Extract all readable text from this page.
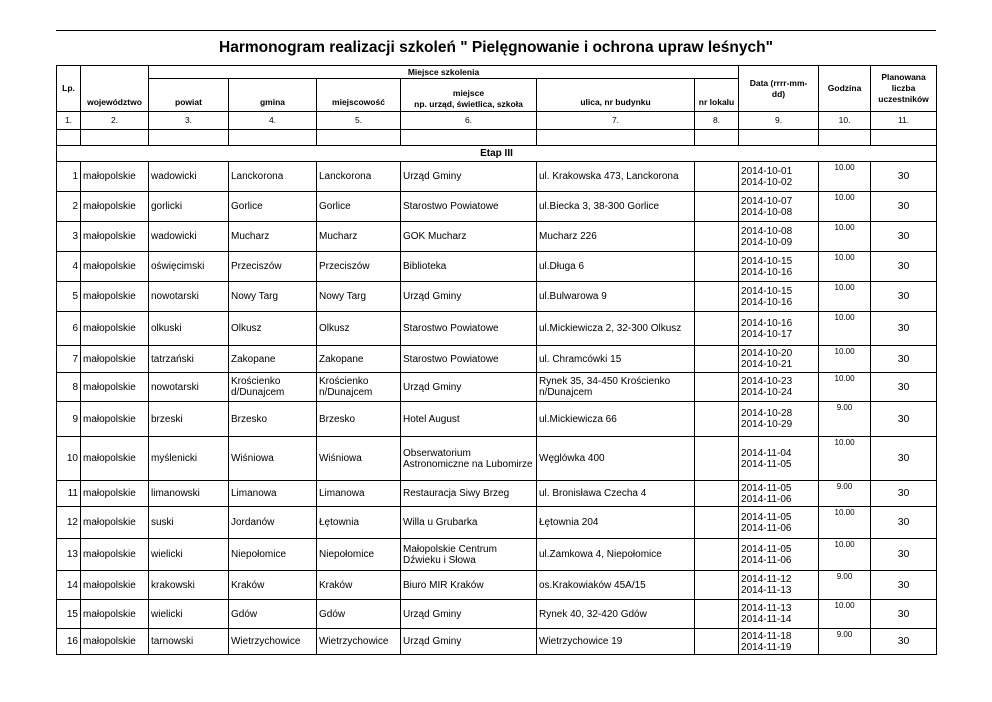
Harmonogram realizacji szkoleń " Pielęgnowanie i ochrona upraw leśnych"
Lp.	województwo	Miejsce szkolenia						Data (rrrr-mm-
dd)	Godzina	Planowana
liczba
uczestników
		powiat	gmina	miejscowość	miejsce
np. urząd, świetlica, szkoła	ulica, nr budynku	nr lokalu			
1.	2.	3.	4.	5.	6.	7.	8.	9.	10.	11.

Etap III										
1	małopolskie	wadowicki	Lanckorona	Lanckorona	Urząd Gminy	ul. Krakowska 473, Lanckorona		2014-10-01
2014-10-02	10.00	30
2	małopolskie	gorlicki	Gorlice	Gorlice	Starostwo Powiatowe	ul.Biecka 3, 38-300 Gorlice		2014-10-07
2014-10-08	10.00	30
3	małopolskie	wadowicki	Mucharz	Mucharz	GOK Mucharz	Mucharz 226		2014-10-08
2014-10-09	10.00	30
4	małopolskie	oświęcimski	Przeciszów	Przeciszów	Biblioteka	ul.Długa 6		2014-10-15
2014-10-16	10.00	30
5	małopolskie	nowotarski	Nowy Targ	Nowy Targ	Urząd Gminy	ul.Bulwarowa 9		2014-10-15
2014-10-16	10.00	30
6	małopolskie	olkuski	Olkusz	Olkusz	Starostwo Powiatowe	ul.Mickiewicza 2, 32-300 Olkusz		2014-10-16
2014-10-17	10.00	30
7	małopolskie	tatrzański	Zakopane	Zakopane	Starostwo Powiatowe	ul. Chramcówki 15		2014-10-20
2014-10-21	10.00	30
8	małopolskie	nowotarski	Krościenko d/Dunajcem	Krościenko n/Dunajcem	Urząd Gminy	Rynek 35, 34-450 Krościenko n/Dunajcem		2014-10-23
2014-10-24	10.00	30
9	małopolskie	brzeski	Brzesko	Brzesko	Hotel August	ul.Mickiewicza 66		2014-10-28
2014-10-29	9.00	30
10	małopolskie	myślenicki	Wiśniowa	Wiśniowa	Obserwatorium Astronomiczne na Lubomirze	Węglówka 400		2014-11-04
2014-11-05	10.00	30
11	małopolskie	limanowski	Limanowa	Limanowa	Restauracja Siwy Brzeg	ul. Bronisława Czecha 4		2014-11-05
2014-11-06	9.00	30
12	małopolskie	suski	Jordanów	Łętownia	Willa u Grubarka	Łętownia 204		2014-11-05
2014-11-06	10.00	30
13	małopolskie	wielicki	Niepołomice	Niepołomice	Małopolskie Centrum Dźwieku i Słowa	ul.Zamkowa 4, Niepołomice		2014-11-05
2014-11-06	10.00	30
14	małopolskie	krakowski	Kraków	Kraków	Biuro MIR Kraków	os.Krakowiaków 45A/15		2014-11-12
2014-11-13	9.00	30
15	małopolskie	wielicki	Gdów	Gdów	Urząd Gminy	Rynek 40, 32-420 Gdów		2014-11-13
2014-11-14	10.00	30
16	małopolskie	tarnowski	Wietrzychowice	Wietrzychowice	Urząd Gminy	Wietrzychowice 19		2014-11-18
2014-11-19	9.00	30
